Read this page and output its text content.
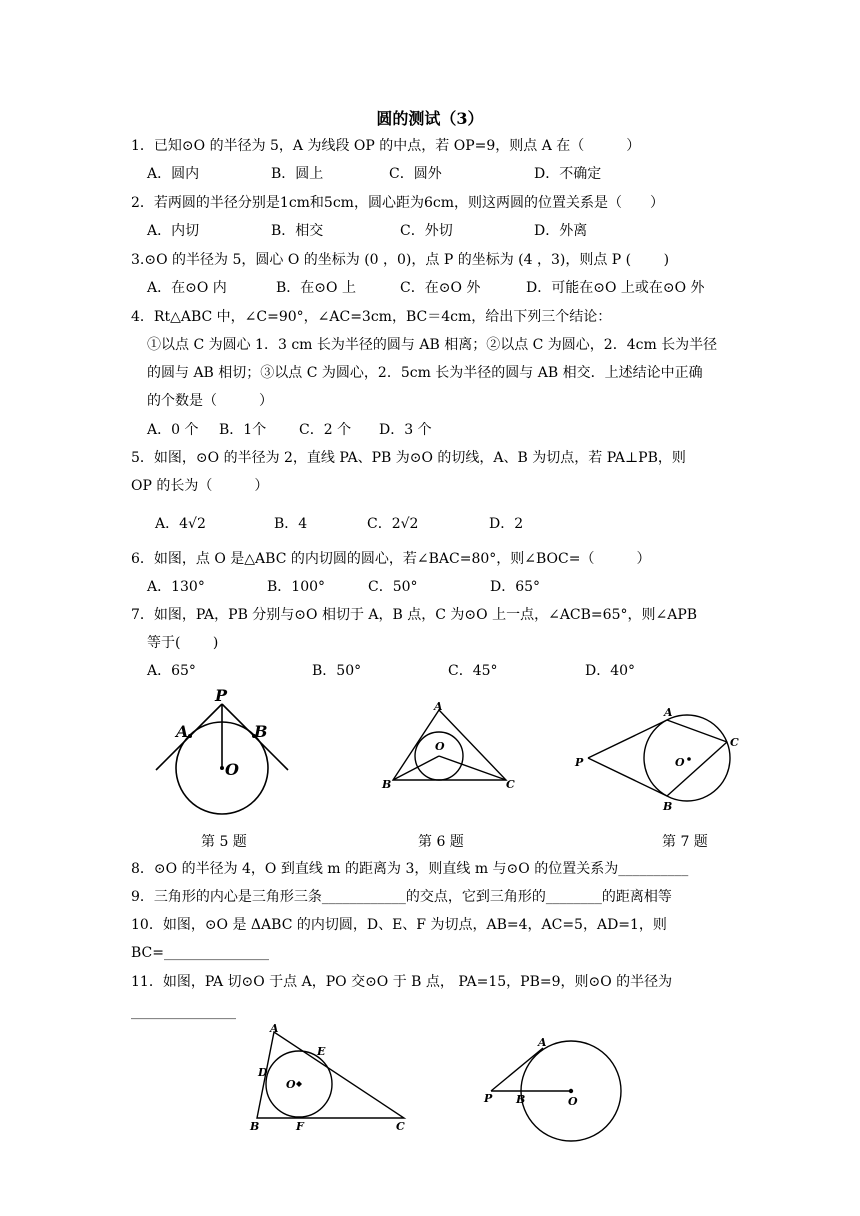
圆的测试（3）
1．已知⊙O 的半径为 5，A 为线段 OP 的中点，若 OP=9，则点 A 在（　　　）
A．圆内	B．圆上	C．圆外	D．不确定
2．若两圆的半径分别是1cm和5cm，圆心距为6cm，则这两圆的位置关系是（　　）
A．内切	B．相交	C．外切	D．外离
3.⊙O 的半径为 5，圆心 O 的坐标为 (0 ，0)，点 P 的坐标为 (4 ，3)，则点 P (　　 )
A．在⊙O 内	B．在⊙O 上	C．在⊙O 外	D．可能在⊙O 上或在⊙O 外
4．Rt△ABC 中，∠C=90°，∠AC=3cm，BC＝4cm，给出下列三个结论：
①以点 C 为圆心 1．3 cm 长为半径的圆与 AB 相离；②以点 C 为圆心，2．4cm 长为半径
的圆与 AB 相切；③以点 C 为圆心，2．5cm 长为半径的圆与 AB 相交．上述结论中正确
的个数是（　　　）
A．0 个 B．1个 C．2 个 D．3 个
5．如图，⊙O 的半径为 2，直线 PA、PB 为⊙O 的切线，A、B 为切点，若 PA⊥PB，则
OP 的长为（　　　）
A．4√2	B．4	C．2√2	D．2
6．如图，点 O 是△ABC 的内切圆的圆心，若∠BAC=80°，则∠BOC=（　　　）
A．130°	B．100°	C．50°	D．65°
7．如图，PA，PB 分别与⊙O 相切于 A，B 点，C 为⊙O 上一点，∠ACB=65°，则∠APB
等于(　　 )
A．65°	B．50°	C．45°	D．40°
P
A	B
O
A
O
B	C
A
C
P	O
B
第 5 题	第 6 题	第 7 题
8．⊙O 的半径为 4，O 到直线 m 的距离为 3，则直线 m 与⊙O 的位置关系为__________
9．三角形的内心是三角形三条____________的交点，它到三角形的________的距离相等
10．如图，⊙O 是 ΔABC 的内切圆，D、E、F 为切点，AB=4，AC=5，AD=1，则
BC=_______________
11．如图，PA 切⊙O 于点 A，PO 交⊙O 于 B 点， PA=15，PB=9，则⊙O 的半径为
_______________
A
E
D
O
B	F	C
A
P B	O
